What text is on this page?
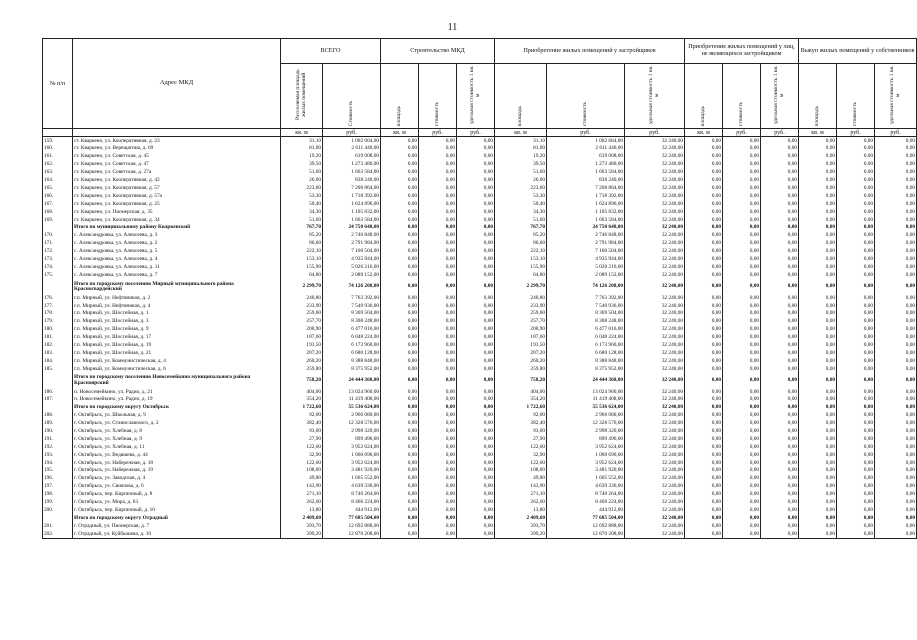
11
№ п/п	Адрес МКД	ВСЕГО		Строительство МКД			Приобретение жилых помещений у застройщиков			Приобретение жилых помещений у лиц, не являющихся застройщиком			Выкуп жилых помещений у собственников		
		Расселяемая площадь жилых помещений	Стоимость	площадь	стоимость	удельная стоимость 1 кв. м	площадь	стоимость	удельная стоимость 1 кв. м	площадь	стоимость	удельная стоимость 1 кв. м	площадь	стоимость	удельная стоимость 1 кв. м
		кв. м	руб.	кв. м	руб.	руб.	кв. м	руб.	руб.	кв. м	руб.	руб.	кв. м	руб.	руб.
159.	ст. Кваркено, ул. Кооперативная, д. 23	31,10	1 002 664,00	0,00	0,00	0,00	31,10	1 002 664,00	32 240,00	0,00	0,00	0,00	0,00	0,00	0,00
160.	ст. Кваркено, ул. Верещагина, д. 69	81,00	2 611 440,00	0,00	0,00	0,00	81,00	2 611 440,00	32 240,00	0,00	0,00	0,00	0,00	0,00	0,00
161.	ст. Кваркено, ул. Советская, д. 45	19,20	619 008,00	0,00	0,00	0,00	19,20	619 008,00	32 240,00	0,00	0,00	0,00	0,00	0,00	0,00
162.	ст. Кваркено, ул. Советская, д. 47	39,50	1 273 480,00	0,00	0,00	0,00	39,50	1 273 480,00	32 240,00	0,00	0,00	0,00	0,00	0,00	0,00
163.	ст. Кваркено, ул. Советская, д. 27а	51,60	1 663 584,00	0,00	0,00	0,00	51,60	1 663 584,00	32 240,00	0,00	0,00	0,00	0,00	0,00	0,00
164.	ст. Кваркено, ул. Кооперативная, д. 42	26,00	838 240,00	0,00	0,00	0,00	26,00	838 240,00	32 240,00	0,00	0,00	0,00	0,00	0,00	0,00
165.	ст. Кваркено, ул. Кооперативная, д. 57	223,60	7 208 864,00	0,00	0,00	0,00	223,60	7 208 864,00	32 240,00	0,00	0,00	0,00	0,00	0,00	0,00
166.	ст. Кваркено, ул. Кооперативная, д. 57а	53,30	1 718 392,00	0,00	0,00	0,00	53,30	1 718 392,00	32 240,00	0,00	0,00	0,00	0,00	0,00	0,00
167.	ст. Кваркено, ул. Кооперативная, д. 25	50,40	1 624 896,00	0,00	0,00	0,00	50,40	1 624 896,00	32 240,00	0,00	0,00	0,00	0,00	0,00	0,00
168.	ст. Кваркено, ул. Пионерская, д. 35	34,30	1 105 832,00	0,00	0,00	0,00	34,30	1 105 832,00	32 240,00	0,00	0,00	0,00	0,00	0,00	0,00
169.	ст. Кваркено, ул. Кооперативная, д. 34	51,60	1 663 584,00	0,00	0,00	0,00	51,60	1 663 584,00	32 240,00	0,00	0,00	0,00	0,00	0,00	0,00
	Итого по муниципальному району Кваркенский	767,70	24 750 648,00	0,00	0,00	0,00	767,70	24 750 648,00	32 240,00	0,00	0,00	0,00	0,00	0,00	0,00
170.	с. Александровка, ул. Алексеева, д. 3	85,20	2 746 848,00	0,00	0,00	0,00	85,20	2 746 848,00	32 240,00	0,00	0,00	0,00	0,00	0,00	0,00
171.	с. Александровка, ул. Алексеева, д. 2	86,60	2 791 984,00	0,00	0,00	0,00	86,60	2 791 984,00	32 240,00	0,00	0,00	0,00	0,00	0,00	0,00
172.	с. Александровка, ул. Алексеева, д. 5	222,10	7 160 504,00	0,00	0,00	0,00	222,10	7 160 504,00	32 240,00	0,00	0,00	0,00	0,00	0,00	0,00
173.	с. Александровка, ул. Алексеева, д. 4	153,10	4 935 944,00	0,00	0,00	0,00	153,10	4 935 944,00	32 240,00	0,00	0,00	0,00	0,00	0,00	0,00
174.	с. Александровка, ул. Алексеева, д. 11	155,90	5 026 216,00	0,00	0,00	0,00	155,90	5 026 216,00	32 240,00	0,00	0,00	0,00	0,00	0,00	0,00
175.	с. Александровка, ул. Алексеева, д. 7	64,80	2 089 152,00	0,00	0,00	0,00	64,80	2 089 152,00	32 240,00	0,00	0,00	0,00	0,00	0,00	0,00
	Итого по городскому поселению Мирный муниципального района Красногвардейский	2 299,70	74 126 208,00	0,00	0,00	0,00	2 299,70	74 126 208,00	32 240,00	0,00	0,00	0,00	0,00	0,00	0,00
176.	г.п. Мирный, ул. Нефтяников, д. 2	240,80	7 763 392,00	0,00	0,00	0,00	240,80	7 763 392,00	32 240,00	0,00	0,00	0,00	0,00	0,00	0,00
177.	г.п. Мирный, ул. Нефтяников, д. 4	233,90	7 540 936,00	0,00	0,00	0,00	233,90	7 540 936,00	32 240,00	0,00	0,00	0,00	0,00	0,00	0,00
178.	г.п. Мирный, ул. Шоссейная, д. 1	259,60	8 369 504,00	0,00	0,00	0,00	259,60	8 369 504,00	32 240,00	0,00	0,00	0,00	0,00	0,00	0,00
179.	г.п. Мирный, ул. Шоссейная, д. 3	257,70	8 308 248,00	0,00	0,00	0,00	257,70	8 308 248,00	32 240,00	0,00	0,00	0,00	0,00	0,00	0,00
180.	г.п. Мирный, ул. Шоссейная, д. 9	200,90	6 477 016,00	0,00	0,00	0,00	200,90	6 477 016,00	32 240,00	0,00	0,00	0,00	0,00	0,00	0,00
181.	г.п. Мирный, ул. Шоссейная, д. 17	187,60	6 048 224,00	0,00	0,00	0,00	187,60	6 048 224,00	32 240,00	0,00	0,00	0,00	0,00	0,00	0,00
182.	г.п. Мирный, ул. Шоссейная, д. 19	191,50	6 173 960,00	0,00	0,00	0,00	191,50	6 173 960,00	32 240,00	0,00	0,00	0,00	0,00	0,00	0,00
183.	г.п. Мирный, ул. Шоссейная, д. 21	207,20	6 680 128,00	0,00	0,00	0,00	207,20	6 680 128,00	32 240,00	0,00	0,00	0,00	0,00	0,00	0,00
184.	г.п. Мирный, ул. Коммунистическая, д. 4	260,20	8 388 848,00	0,00	0,00	0,00	260,20	8 388 848,00	32 240,00	0,00	0,00	0,00	0,00	0,00	0,00
185.	г.п. Мирный, ул. Коммунистическая, д. 6	259,80	8 375 952,00	0,00	0,00	0,00	259,80	8 375 952,00	32 240,00	0,00	0,00	0,00	0,00	0,00	0,00
	Итого по городскому поселению Новосемейкино муниципального района Красноярский	758,20	24 444 368,00	0,00	0,00	0,00	758,20	24 444 368,00	32 240,00	0,00	0,00	0,00	0,00	0,00	0,00
186.	п. Новосемейкино, ул. Радио, д. 21	404,00	13 024 960,00	0,00	0,00	0,00	404,00	13 024 960,00	32 240,00	0,00	0,00	0,00	0,00	0,00	0,00
187.	п. Новосемейкино, ул. Радио, д. 19	354,20	11 419 408,00	0,00	0,00	0,00	354,20	11 419 408,00	32 240,00	0,00	0,00	0,00	0,00	0,00	0,00
	Итого по городскому округу Октябрьск	1 722,60	55 536 624,00	0,00	0,00	0,00	1 722,60	55 536 624,00	32 240,00	0,00	0,00	0,00	0,00	0,00	0,00
188.	г. Октябрьск, ул. Школьная, д. 9	92,00	2 966 080,00	0,00	0,00	0,00	92,00	2 966 080,00	32 240,00	0,00	0,00	0,00	0,00	0,00	0,00
189.	г. Октябрьск, ул. Станиславского, д. 2	382,40	12 328 576,00	0,00	0,00	0,00	382,40	12 328 576,00	32 240,00	0,00	0,00	0,00	0,00	0,00	0,00
190.	г. Октябрьск, ул. Хлебная, д. 8	93,00	2 998 320,00	0,00	0,00	0,00	93,00	2 998 320,00	32 240,00	0,00	0,00	0,00	0,00	0,00	0,00
191.	г. Октябрьск, ул. Хлебная, д. 9	27,90	899 496,00	0,00	0,00	0,00	27,90	899 496,00	32 240,00	0,00	0,00	0,00	0,00	0,00	0,00
192.	г. Октябрьск, ул. Хлебная, д. 11	122,60	3 952 624,00	0,00	0,00	0,00	122,60	3 952 624,00	32 240,00	0,00	0,00	0,00	0,00	0,00	0,00
193.	г. Октябрьск, ул. Ведяшева, д. 44	32,90	1 060 696,00	0,00	0,00	0,00	32,90	1 060 696,00	32 240,00	0,00	0,00	0,00	0,00	0,00	0,00
194.	г. Октябрьск, ул. Набережная, д. 18	122,60	3 952 624,00	0,00	0,00	0,00	122,60	3 952 624,00	32 240,00	0,00	0,00	0,00	0,00	0,00	0,00
195.	г. Октябрьск, ул. Набережная, д. 19	108,00	3 481 920,00	0,00	0,00	0,00	108,00	3 481 920,00	32 240,00	0,00	0,00	0,00	0,00	0,00	0,00
196.	г. Октябрьск, ул. Заводская, д. 4	49,80	1 605 552,00	0,00	0,00	0,00	49,80	1 605 552,00	32 240,00	0,00	0,00	0,00	0,00	0,00	0,00
197.	г. Октябрьск, ул. Свиязова, д. 6	143,90	4 639 336,00	0,00	0,00	0,00	143,90	4 639 336,00	32 240,00	0,00	0,00	0,00	0,00	0,00	0,00
198.	г. Октябрьск, пер. Кирпичный, д. 8	271,10	8 740 264,00	0,00	0,00	0,00	271,10	8 740 264,00	32 240,00	0,00	0,00	0,00	0,00	0,00	0,00
199.	г. Октябрьск, ул. Мира, д. 63	262,60	8 466 224,00	0,00	0,00	0,00	262,60	8 466 224,00	32 240,00	0,00	0,00	0,00	0,00	0,00	0,00
200.	г. Октябрьск, пер. Кирпичный, д. 10	13,80	444 912,00	0,00	0,00	0,00	13,80	444 912,00	32 240,00	0,00	0,00	0,00	0,00	0,00	0,00
	Итого по городскому округу Отрадный	2 409,60	77 685 504,00	0,00	0,00	0,00	2 409,60	77 685 504,00	32 240,00	0,00	0,00	0,00	0,00	0,00	0,00
201.	г. Отрадный, ул. Пионерская, д. 7	393,70	12 692 888,00	0,00	0,00	0,00	393,70	12 692 888,00	32 240,00	0,00	0,00	0,00	0,00	0,00	0,00
202.	г. Отрадный, ул. Куйбышева, д. 10	399,20	12 870 208,00	0,00	0,00	0,00	399,20	12 870 208,00	32 240,00	0,00	0,00	0,00	0,00	0,00	0,00
